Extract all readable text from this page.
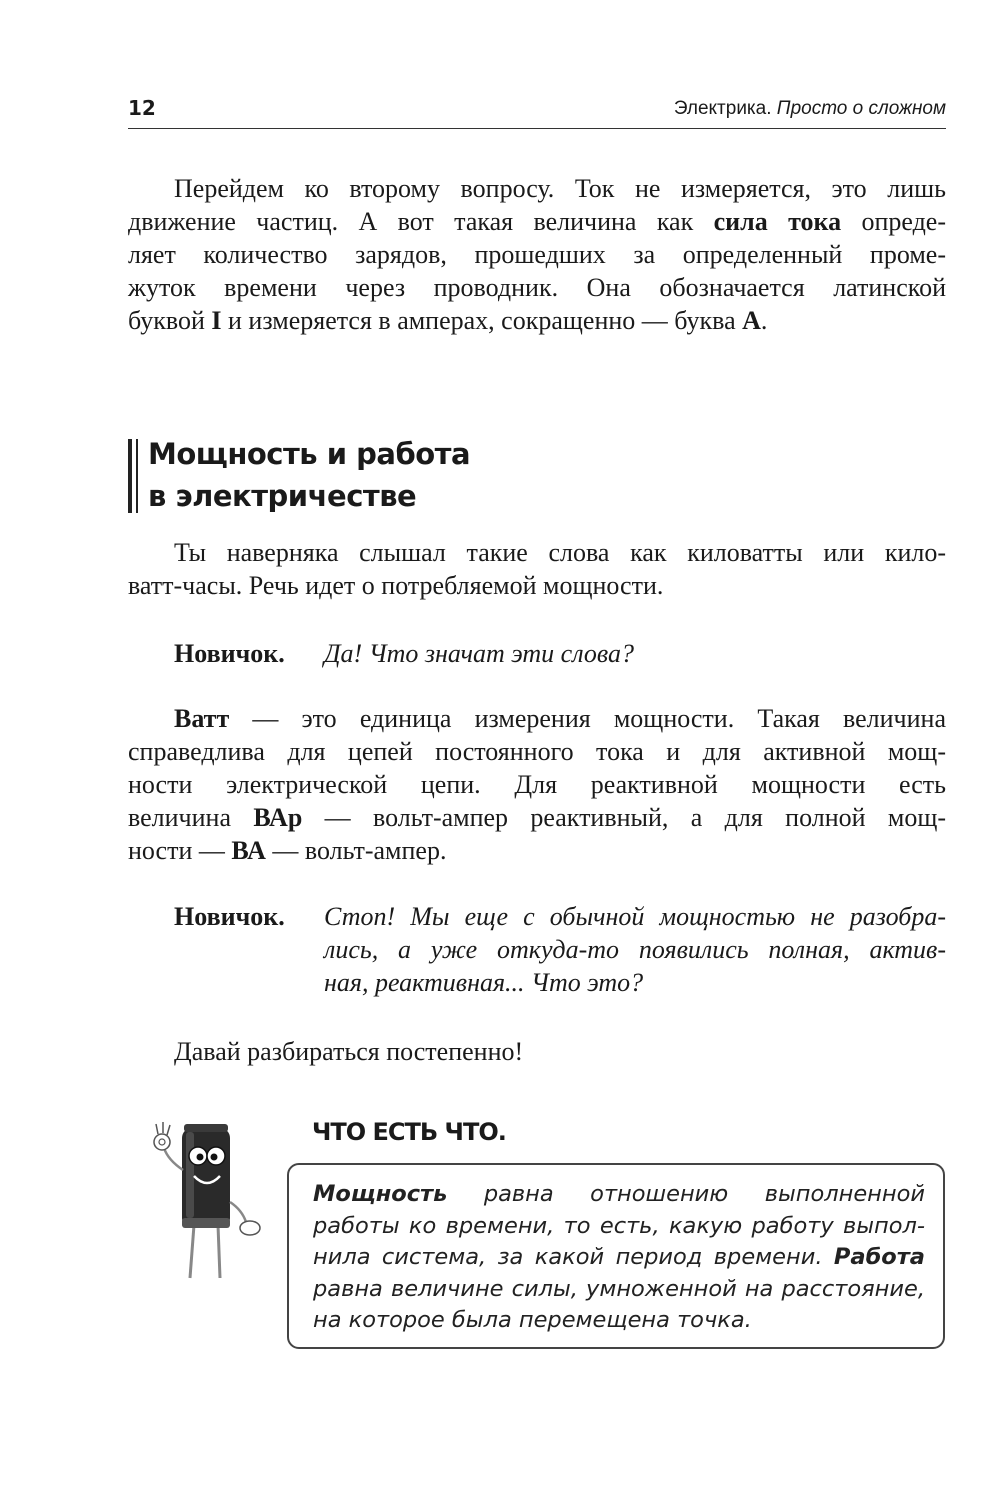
12	Электрика. Просто о сложном
Перейдем ко второму вопросу. Ток не измеряется, это лишь
движение частиц. А вот такая величина как сила тока опреде-
ляет количество зарядов, прошедших за определенный проме-
жуток времени через проводник. Она обозначается латинской
буквой I и измеряется в амперах, сокращенно — буква А.
Мощность и работа
в электричестве
Ты наверняка слышал такие слова как киловатты или кило-
ватт-часы. Речь идет о потребляемой мощности.
Новичок. Да! Что значат эти слова?
Ватт — это единица измерения мощности. Такая величина
справедлива для цепей постоянного тока и для активной мощ-
ности электрической цепи. Для реактивной мощности есть
величина ВАр — вольт-ампер реактивный, а для полной мощ-
ности — ВА — вольт-ампер.
Новичок. Стоп! Мы еще с обычной мощностью не разобра-
лись, а уже откуда-то появились полная, актив-
ная, реактивная... Что это?
Давай разбираться постепенно!
ЧТО ЕСТЬ ЧТО.
Мощность равна отношению выполненной
работы ко времени, то есть, какую работу выпол-
нила система, за какой период времени. Работа
равна величине силы, умноженной на расстояние,
на которое была перемещена точка.
